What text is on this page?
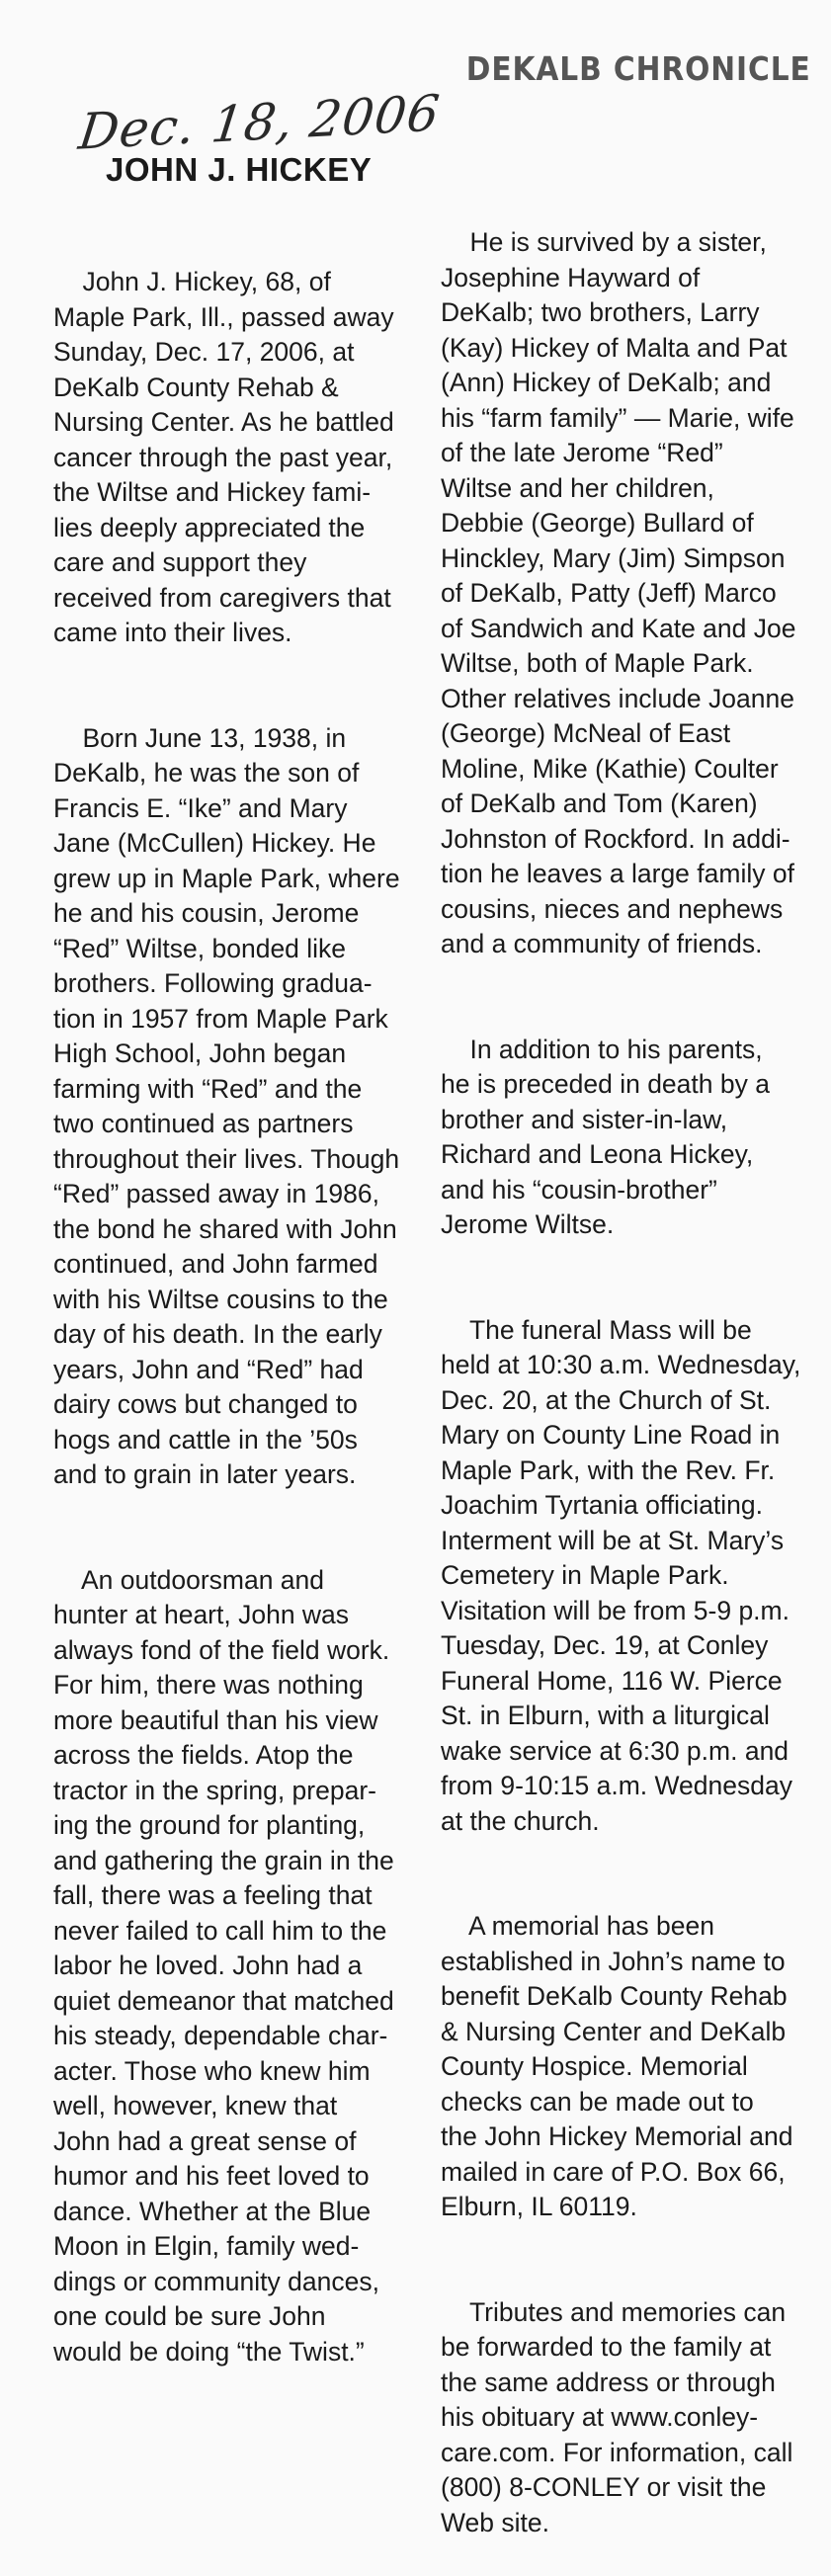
DEKALB CHRONICLE
Dec. 18, 2006
JOHN J. HICKEY

John J. Hickey, 68, of
Maple Park, Ill., passed away
Sunday, Dec. 17, 2006, at
DeKalb County Rehab &
Nursing Center. As he battled
cancer through the past year,
the Wiltse and Hickey fami-
lies deeply appreciated the
care and support they
received from caregivers that
came into their lives.

Born June 13, 1938, in
DeKalb, he was the son of
Francis E. “Ike” and Mary
Jane (McCullen) Hickey. He
grew up in Maple Park, where
he and his cousin, Jerome
“Red” Wiltse, bonded like
brothers. Following gradua-
tion in 1957 from Maple Park
High School, John began
farming with “Red” and the
two continued as partners
throughout their lives. Though
“Red” passed away in 1986,
the bond he shared with John
continued, and John farmed
with his Wiltse cousins to the
day of his death. In the early
years, John and “Red” had
dairy cows but changed to
hogs and cattle in the ’50s
and to grain in later years.

An outdoorsman and
hunter at heart, John was
always fond of the field work.
For him, there was nothing
more beautiful than his view
across the fields. Atop the
tractor in the spring, prepar-
ing the ground for planting,
and gathering the grain in the
fall, there was a feeling that
never failed to call him to the
labor he loved. John had a
quiet demeanor that matched
his steady, dependable char-
acter. Those who knew him
well, however, knew that
John had a great sense of
humor and his feet loved to
dance. Whether at the Blue
Moon in Elgin, family wed-
dings or community dances,
one could be sure John
would be doing “the Twist.”

He is survived by a sister,
Josephine Hayward of
DeKalb; two brothers, Larry
(Kay) Hickey of Malta and Pat
(Ann) Hickey of DeKalb; and
his “farm family” — Marie, wife
of the late Jerome “Red”
Wiltse and her children,
Debbie (George) Bullard of
Hinckley, Mary (Jim) Simpson
of DeKalb, Patty (Jeff) Marco
of Sandwich and Kate and Joe
Wiltse, both of Maple Park.
Other relatives include Joanne
(George) McNeal of East
Moline, Mike (Kathie) Coulter
of DeKalb and Tom (Karen)
Johnston of Rockford. In addi-
tion he leaves a large family of
cousins, nieces and nephews
and a community of friends.

In addition to his parents,
he is preceded in death by a
brother and sister-in-law,
Richard and Leona Hickey,
and his “cousin-brother”
Jerome Wiltse.

The funeral Mass will be
held at 10:30 a.m. Wednesday,
Dec. 20, at the Church of St.
Mary on County Line Road in
Maple Park, with the Rev. Fr.
Joachim Tyrtania officiating.
Interment will be at St. Mary’s
Cemetery in Maple Park.
Visitation will be from 5-9 p.m.
Tuesday, Dec. 19, at Conley
Funeral Home, 116 W. Pierce
St. in Elburn, with a liturgical
wake service at 6:30 p.m. and
from 9-10:15 a.m. Wednesday
at the church.

A memorial has been
established in John’s name to
benefit DeKalb County Rehab
& Nursing Center and DeKalb
County Hospice. Memorial
checks can be made out to
the John Hickey Memorial and
mailed in care of P.O. Box 66,
Elburn, IL 60119.

Tributes and memories can
be forwarded to the family at
the same address or through
his obituary at www.conley-
care.com. For information, call
(800) 8-CONLEY or visit the
Web site.
